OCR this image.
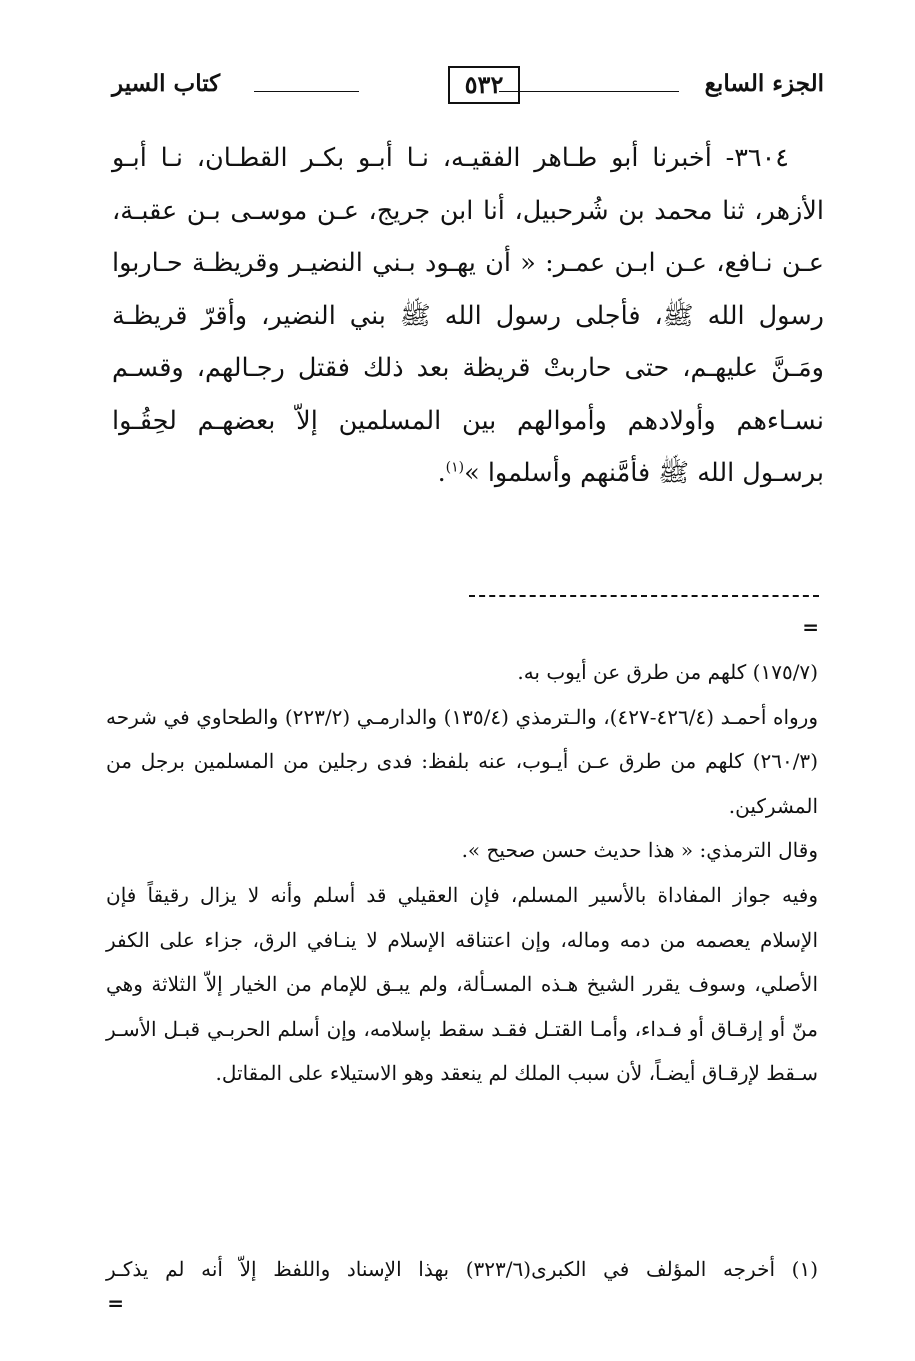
الجزء السابع
٥٣٢
كتاب السير

٣٦٠٤- أخبرنا أبو طـاهر الفقيـه، نـا أبـو بكـر القطـان، نـا أبـو الأزهر، ثنا محمد بن شُرحبيل، أنا ابن جريج، عـن موسـى بـن عقبـة، عـن نـافع، عـن ابـن عمـر: « أن يهـود بـني النضيـر وقريظـة حـاربوا رسول الله ﷺ، فأجلى رسول الله ﷺ بني النضير، وأقرّ قريظـة ومَـنَّ عليهـم، حتى حاربتْ قريظة بعد ذلك فقتل رجـالهم، وقسـم نسـاءهم وأولادهم وأموالهم بين المسلمين إلاّ بعضهـم لحِقُـوا برسـول الله ﷺ فأمَّنهم وأسلموا »$^{(١)}$.

=

(١٧٥/٧) كلهم من طرق عن أيوب به.

ورواه أحمـد (٤٢٦/٤-٤٢٧)، والـترمذي (١٣٥/٤) والدارمـي (٢٢٣/٢) والطحاوي في شرحه (٢٦٠/٣) كلهم من طرق عـن أيـوب، عنه بلفظ: فدى رجلين من المسلمين برجل من المشركين.

وقال الترمذي: « هذا حديث حسن صحيح ».

وفيه جواز المفاداة بالأسير المسلم، فإن العقيلي قد أسلم وأنه لا يزال رقيقاً فإن الإسلام يعصمه من دمه وماله، وإن اعتناقه الإسلام لا ينـافي الرق، جزاء على الكفر الأصلي، وسوف يقرر الشيخ هـذه المسـألة، ولم يبـق للإمام من الخيار إلاّ الثلاثة وهي منّ أو إرقـاق أو فـداء، وأمـا القتـل فقـد سقط بإسلامه، وإن أسلم الحربـي قبـل الأسـر سـقط لإرقـاق أيضـاً، لأن سبب الملك لم ينعقد وهو الاستيلاء على المقاتل.

(١) أخرجه المؤلف في الكبرى(٣٢٣/٦) بهذا الإسناد واللفظ إلاّ أنه لم يذكـر

=
